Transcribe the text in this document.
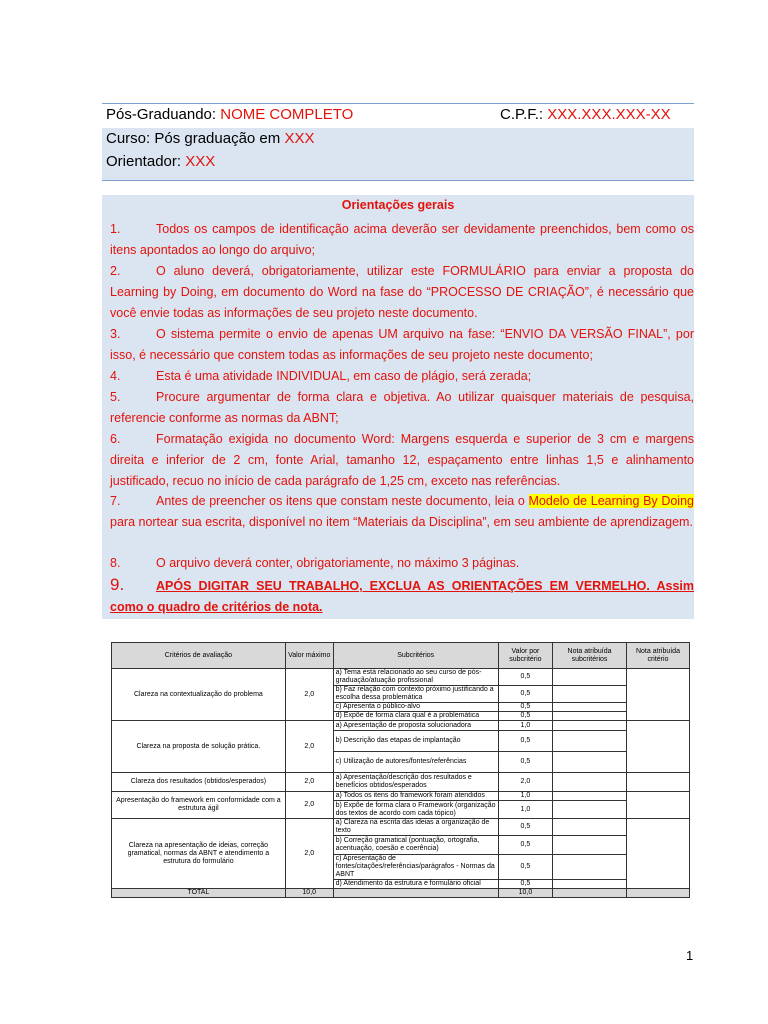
Pós-Graduando: NOME COMPLETO	C.P.F.: XXX.XXX.XXX-XX
Curso: Pós graduação em XXX
Orientador: XXX
Orientações gerais
1.	Todos os campos de identificação acima deverão ser devidamente preenchidos, bem como os itens apontados ao longo do arquivo;
2.	O aluno deverá, obrigatoriamente, utilizar este FORMULÁRIO para enviar a proposta do Learning by Doing, em documento do Word na fase do “PROCESSO DE CRIAÇÃO”, é necessário que você envie todas as informações de seu projeto neste documento.
3.	O sistema permite o envio de apenas UM arquivo na fase: “ENVIO DA VERSÃO FINAL”, por isso, é necessário que constem todas as informações de seu projeto neste documento;
4.	Esta é uma atividade INDIVIDUAL, em caso de plágio, será zerada;
5.	Procure argumentar de forma clara e objetiva. Ao utilizar quaisquer materiais de pesquisa, referencie conforme as normas da ABNT;
6.	Formatação exigida no documento Word: Margens esquerda e superior de 3 cm e margens direita e inferior de 2 cm, fonte Arial, tamanho 12, espaçamento entre linhas 1,5 e alinhamento justificado, recuo no início de cada parágrafo de 1,25 cm, exceto nas referências.
7.	Antes de preencher os itens que constam neste documento, leia o Modelo de Learning By Doing para nortear sua escrita, disponível no item “Materiais da Disciplina”, em seu ambiente de aprendizagem.
8.	O arquivo deverá conter, obrigatoriamente, no máximo 3 páginas.
9.	APÓS DIGITAR SEU TRABALHO, EXCLUA AS ORIENTAÇÕES EM VERMELHO. Assim como o quadro de critérios de nota.
Critérios de avaliação	Valor máximo	Subcritérios	Valor por subcritério	Nota atribuída subcritérios	Nota atribuída critério
Clareza na contextualização do problema	2,0	a) Tema está relacionado ao seu curso de pós-graduação/atuação profissional	0,5		
		b) Faz relação com contexto próximo justificando a escolha dessa problemática	0,5		
		c) Apresenta o público-alvo	0,5		
		d) Expõe de forma clara qual é a problemática	0,5		
Clareza na proposta de solução prática.	2,0	a) Apresentação de proposta solucionadora	1,0		
		b) Descrição das etapas de implantação	0,5		
		c) Utilização de autores/fontes/referências	0,5		
Clareza dos resultados (obtidos/esperados)	2,0	a) Apresentação/descrição dos resultados e benefícios obtidos/esperados	2,0		
Apresentação do framework em conformidade com a estrutura ágil	2,0	a) Todos os itens do framework foram atendidos	1,0		
		b) Expõe de forma clara o Framework (organização dos textos de acordo com cada tópico)	1,0		
Clareza na apresentação de ideias, correção gramatical, normas da ABNT e atendimento a estrutura do formulário	2,0	a) Clareza na escrita das ideias a organização de texto	0,5		
		b) Correção gramatical (pontuação, ortografia, acentuação, coesão e coerência)	0,5		
		c) Apresentação de fontes/citações/referências/parágrafos - Normas da ABNT	0,5		
		d) Atendimento da estrutura e formulário oficial	0,5		
TOTAL	10,0		10,0		
1
